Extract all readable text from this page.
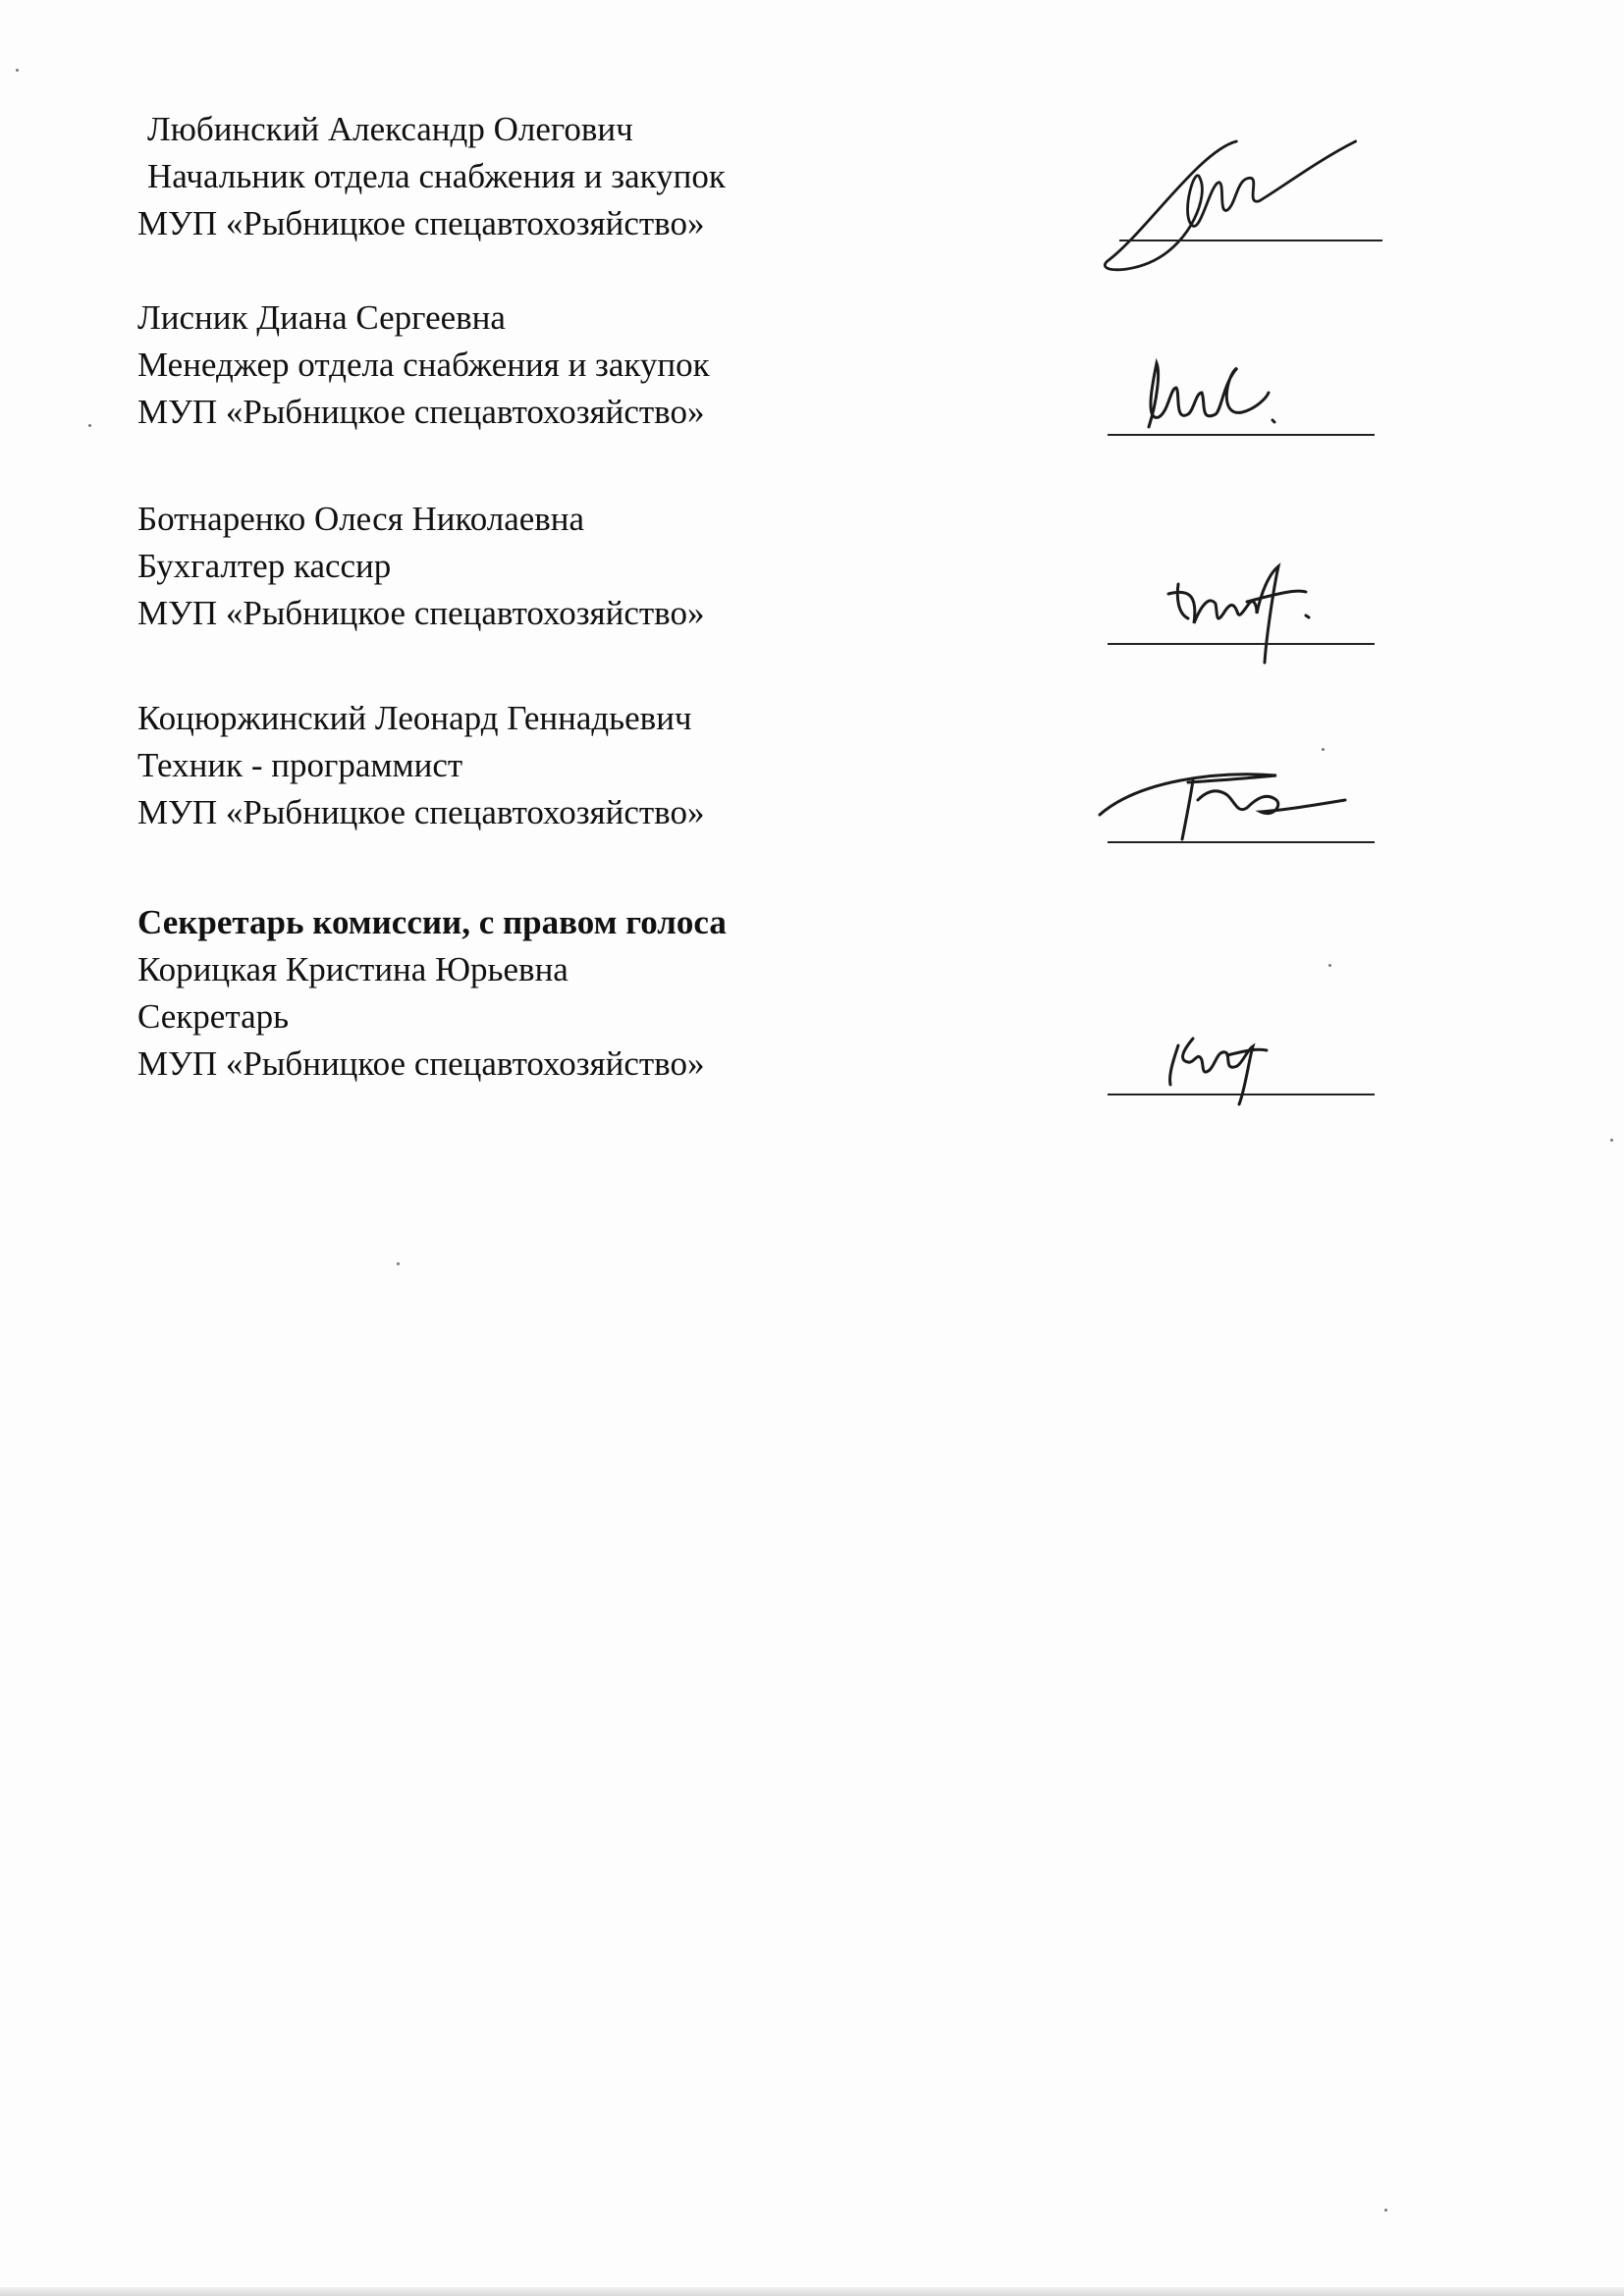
Любинский Александр Олегович
Начальник отдела снабжения и закупок
МУП «Рыбницкое спецавтохозяйство»
Лисник Диана Сергеевна
Менеджер отдела снабжения и закупок
МУП «Рыбницкое спецавтохозяйство»
Ботнаренко Олеся Николаевна
Бухгалтер кассир
МУП «Рыбницкое спецавтохозяйство»
Коцюржинский Леонард Геннадьевич
Техник - программист
МУП «Рыбницкое спецавтохозяйство»
Секретарь комиссии, с правом голоса
Корицкая Кристина Юрьевна
Секретарь
МУП «Рыбницкое спецавтохозяйство»
